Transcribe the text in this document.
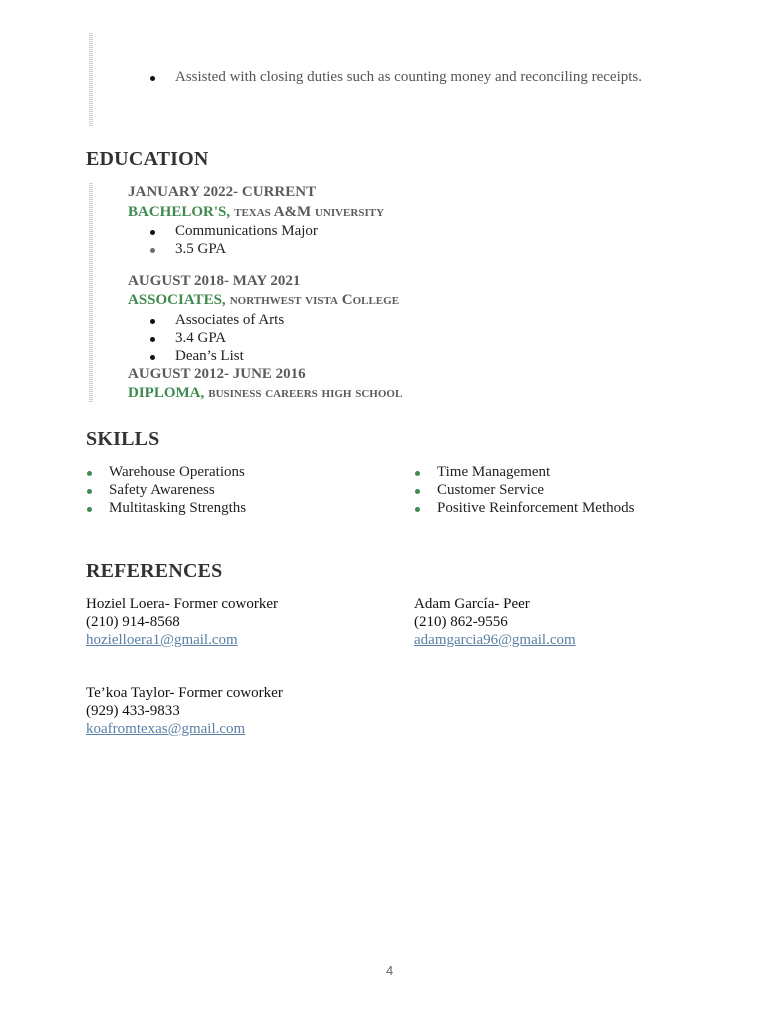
Assisted with closing duties such as counting money and reconciling receipts.
EDUCATION
JANUARY 2022- CURRENT
BACHELOR'S, texas A&M university
Communications Major
3.5 GPA
AUGUST 2018- MAY 2021
ASSOCIATES, northwest vista College
Associates of Arts
3.4 GPA
Dean’s List
AUGUST 2012- JUNE 2016
DIPLOMA, business careers high school
SKILLS
Warehouse Operations
Safety Awareness
Multitasking Strengths
Time Management
Customer Service
Positive Reinforcement Methods
REFERENCES
Hoziel Loera- Former coworker
(210) 914-8568
hozielloera1@gmail.com
Adam García- Peer
(210) 862-9556
adamgarcia96@gmail.com
Te’koa Taylor- Former coworker
(929) 433-9833
koafromtexas@gmail.com
4
